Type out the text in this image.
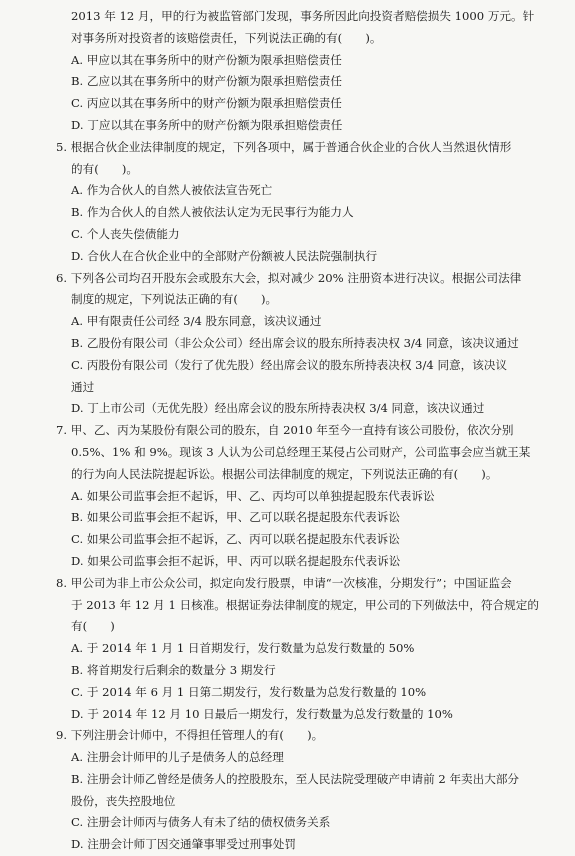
2013 年 12 月，甲的行为被监管部门发现，事务所因此向投资者赔偿损失 1000 万元。针
对事务所对投资者的该赔偿责任，下列说法正确的有(　　)。
A. 甲应以其在事务所中的财产份额为限承担赔偿责任
B. 乙应以其在事务所中的财产份额为限承担赔偿责任
C. 丙应以其在事务所中的财产份额为限承担赔偿责任
D. 丁应以其在事务所中的财产份额为限承担赔偿责任
5. 根据合伙企业法律制度的规定，下列各项中，属于普通合伙企业的合伙人当然退伙情形
的有(　　)。
A. 作为合伙人的自然人被依法宣告死亡
B. 作为合伙人的自然人被依法认定为无民事行为能力人
C. 个人丧失偿债能力
D. 合伙人在合伙企业中的全部财产份额被人民法院强制执行
6. 下列各公司均召开股东会或股东大会，拟对减少 20% 注册资本进行决议。根据公司法律
制度的规定，下列说法正确的有(　　)。
A. 甲有限责任公司经 3/4 股东同意，该决议通过
B. 乙股份有限公司（非公众公司）经出席会议的股东所持表决权 3/4 同意，该决议通过
C. 丙股份有限公司（发行了优先股）经出席会议的股东所持表决权 3/4 同意，该决议
通过
D. 丁上市公司（无优先股）经出席会议的股东所持表决权 3/4 同意，该决议通过
7. 甲、乙、丙为某股份有限公司的股东，自 2010 年至今一直持有该公司股份，依次分别
0.5%、1% 和 9%。现该 3 人认为公司总经理王某侵占公司财产，公司监事会应当就王某
的行为向人民法院提起诉讼。根据公司法律制度的规定，下列说法正确的有(　　)。
A. 如果公司监事会拒不起诉，甲、乙、丙均可以单独提起股东代表诉讼
B. 如果公司监事会拒不起诉，甲、乙可以联名提起股东代表诉讼
C. 如果公司监事会拒不起诉，乙、丙可以联名提起股东代表诉讼
D. 如果公司监事会拒不起诉，甲、丙可以联名提起股东代表诉讼
8. 甲公司为非上市公众公司，拟定向发行股票，申请“一次核准，分期发行”；中国证监会
于 2013 年 12 月 1 日核准。根据证券法律制度的规定，甲公司的下列做法中，符合规定的
有(　　)
A. 于 2014 年 1 月 1 日首期发行，发行数量为总发行数量的 50%
B. 将首期发行后剩余的数量分 3 期发行
C. 于 2014 年 6 月 1 日第二期发行，发行数量为总发行数量的 10%
D. 于 2014 年 12 月 10 日最后一期发行，发行数量为总发行数量的 10%
9. 下列注册会计师中，不得担任管理人的有(　　)。
A. 注册会计师甲的儿子是债务人的总经理
B. 注册会计师乙曾经是债务人的控股股东，至人民法院受理破产申请前 2 年卖出大部分
股份，丧失控股地位
C. 注册会计师丙与债务人有未了结的债权债务关系
D. 注册会计师丁因交通肇事罪受过刑事处罚
